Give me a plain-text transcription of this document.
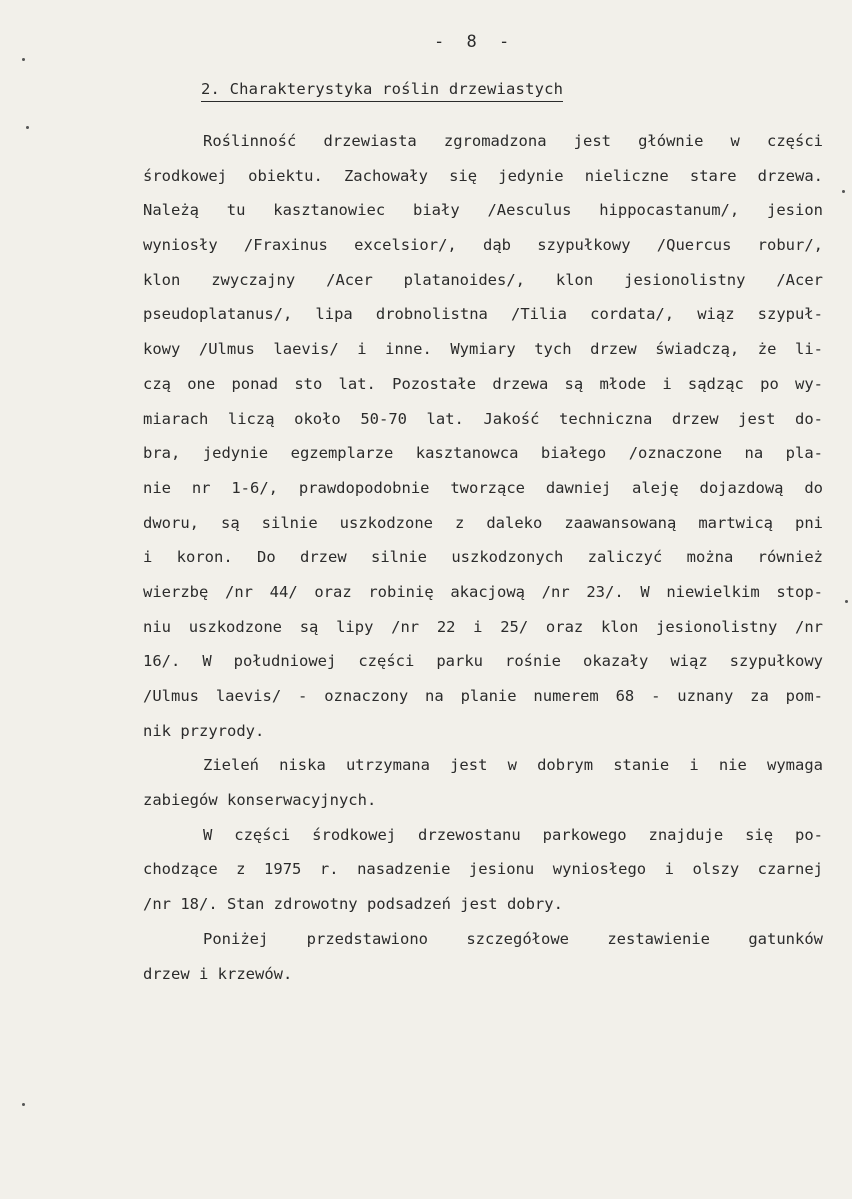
- 8 -
2. Charakterystyka roślin drzewiastych
Roślinność drzewiasta zgromadzona jest głównie w części
środkowej obiektu. Zachowały się jedynie nieliczne stare drzewa.
Należą tu kasztanowiec biały /Aesculus hippocastanum/, jesion
wyniosły /Fraxinus excelsior/, dąb szypułkowy /Quercus robur/,
klon zwyczajny /Acer platanoides/, klon jesionolistny /Acer
pseudoplatanus/, lipa drobnolistna /Tilia cordata/, wiąz szypuł-
kowy /Ulmus laevis/ i inne. Wymiary tych drzew świadczą, że li-
czą one ponad sto lat. Pozostałe drzewa są młode i sądząc po wy-
miarach liczą około 50-70 lat. Jakość techniczna drzew jest do-
bra, jedynie egzemplarze kasztanowca białego /oznaczone na pla-
nie nr 1-6/, prawdopodobnie tworzące dawniej aleję dojazdową do
dworu, są silnie uszkodzone z daleko zaawansowaną martwicą pni
i koron. Do drzew silnie uszkodzonych zaliczyć można również
wierzbę /nr 44/ oraz robinię akacjową /nr 23/. W niewielkim stop-
niu uszkodzone są lipy /nr 22 i 25/ oraz klon jesionolistny /nr
16/. W południowej części parku rośnie okazały wiąz szypułkowy
/Ulmus laevis/ - oznaczony na planie numerem 68 - uznany za pom-
nik przyrody.
Zieleń niska utrzymana jest w dobrym stanie i nie wymaga
zabiegów konserwacyjnych.
W części środkowej drzewostanu parkowego znajduje się po-
chodzące z 1975 r. nasadzenie jesionu wyniosłego i olszy czarnej
/nr 18/. Stan zdrowotny podsadzeń jest dobry.
Poniżej przedstawiono szczegółowe zestawienie gatunków
drzew i krzewów.
